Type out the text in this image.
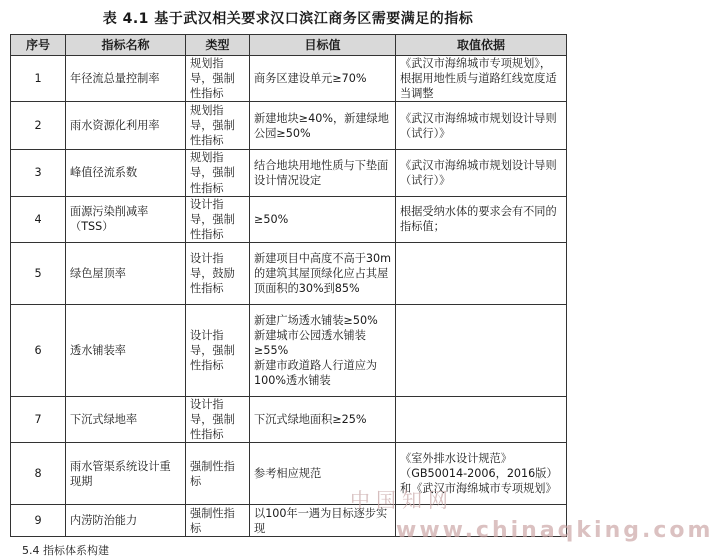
表 4.1 基于武汉相关要求汉口滨江商务区需要满足的指标
序号	指标名称	类型	目标值	取值依据
1	年径流总量控制率	规划指导，强制性指标	商务区建设单元≥70%	《武汉市海绵城市专项规划》，根据用地性质与道路红线宽度适当调整
2	雨水资源化利用率	规划指导，强制性指标	新建地块≥40%，新建绿地公园≥50%	《武汉市海绵城市规划设计导则（试行）》
3	峰值径流系数	规划指导，强制性指标	结合地块用地性质与下垫面设计情况设定	《武汉市海绵城市规划设计导则（试行）》
4	面源污染削减率（TSS）	设计指导，强制性指标	≥50%	根据受纳水体的要求会有不同的指标值；
5	绿色屋顶率	设计指导，鼓励性指标	新建项目中高度不高于30m的建筑其屋顶绿化应占其屋顶面积的30%到85%	
6	透水铺装率	设计指导，强制性指标	新建广场透水铺装≥50%
新建城市公园透水铺装≥55%
新建市政道路人行道应为100%透水铺装	
7	下沉式绿地率	设计指导，强制性指标	下沉式绿地面积≥25%	
8	雨水管渠系统设计重现期	强制性指标	参考相应规范	《室外排水设计规范》（GB50014-2006，2016版）和《武汉市海绵城市专项规划》
9	内涝防治能力	强制性指标	以100年一遇为目标逐步实现	
中国知网
www.chinaqking.com
5.4 指标体系构建
